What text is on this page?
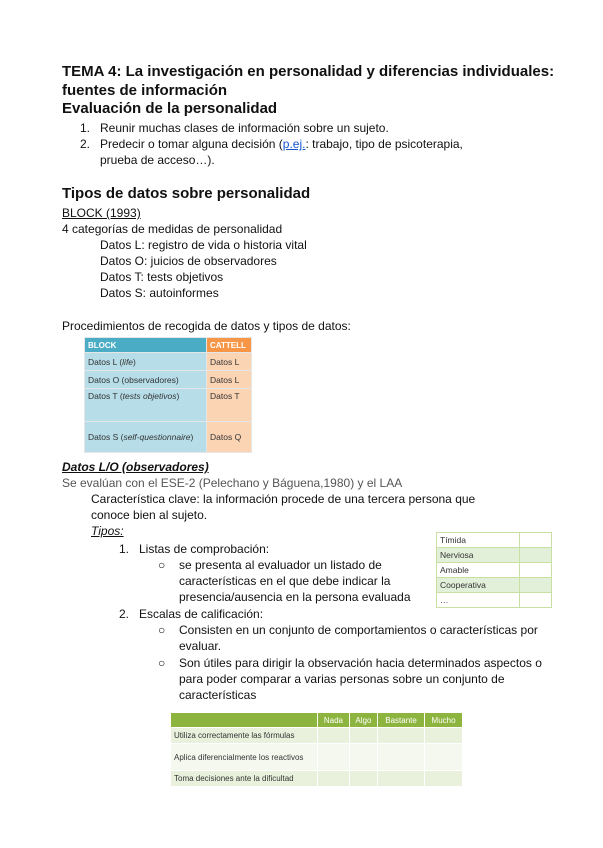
TEMA 4: La investigación en personalidad y diferencias individuales:
fuentes de información
Evaluación de la personalidad
1. Reunir muchas clases de información sobre un sujeto.
2. Predecir o tomar alguna decisión (p.ej.: trabajo, tipo de psicoterapia,
prueba de acceso…).
Tipos de datos sobre personalidad
BLOCK (1993)
4 categorías de medidas de personalidad
Datos L: registro de vida o historia vital
Datos O: juicios de observadores
Datos T: tests objetivos
Datos S: autoinformes
Procedimientos de recogida de datos y tipos de datos:
BLOCK	CATTELL
Datos L (life)	Datos L
Datos O (observadores)	Datos L
Datos T (tests objetivos)	Datos T
Datos S (self-questionnaire)	Datos Q
Datos L/O (observadores)
Se evalúan con el ESE-2 (Pelechano y Báguena,1980) y el LAA
Característica clave: la información procede de una tercera persona que
conoce bien al sujeto.
Tipos:
1. Listas de comprobación:
○ se presenta al evaluador un listado de
características en el que debe indicar la
presencia/ausencia en la persona evaluada
Tímida	
Nerviosa	
Amable	
Cooperativa	
…	
2. Escalas de calificación:
○ Consisten en un conjunto de comportamientos o características por
evaluar.
○ Son útiles para dirigir la observación hacia determinados aspectos o
para poder comparar a varias personas sobre un conjunto de
características
	Nada	Algo	Bastante	Mucho
Utiliza correctamente las fórmulas				
Aplica diferencialmente los reactivos				
Toma decisiones ante la dificultad				
